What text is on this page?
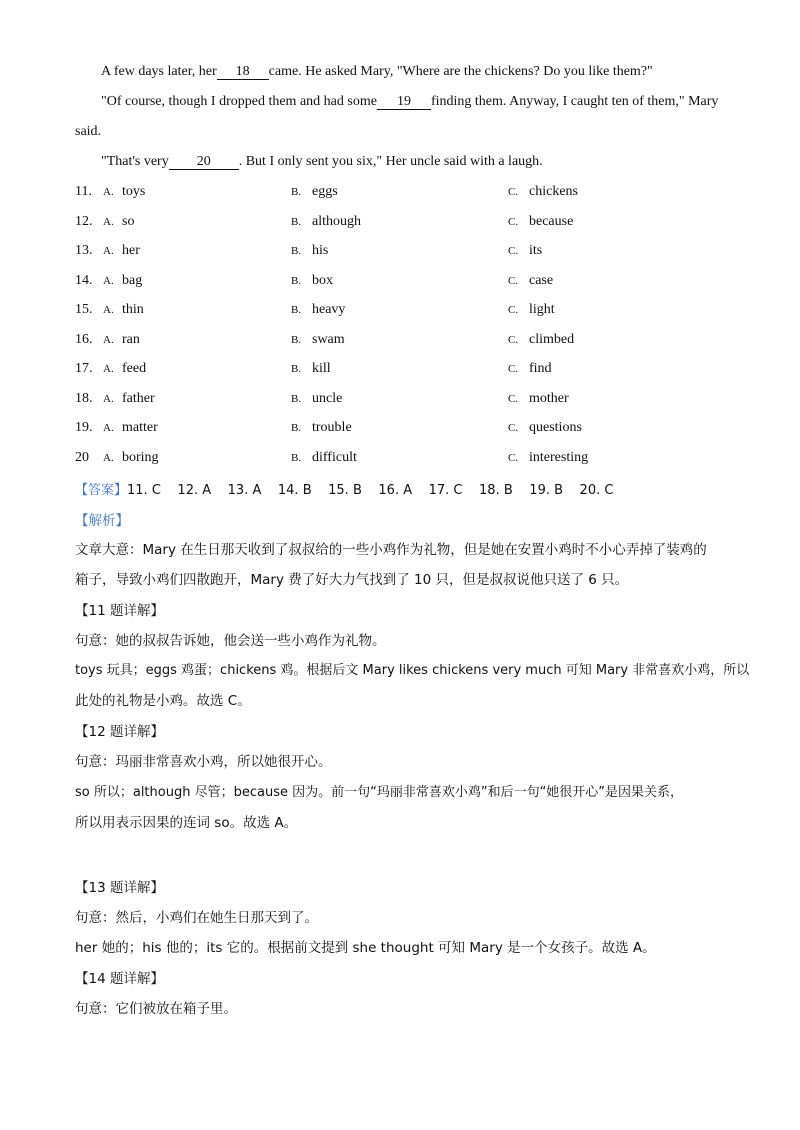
A few days later, her 18 came. He asked Mary, "Where are the chickens? Do you like them?"
"Of course, though I dropped them and had some 19 finding them. Anyway, I caught ten of them," Mary
said.
"That's very 20 . But I only sent you six," Her uncle said with a laugh.
11. A. toys	B. eggs	C. chickens
12. A. so	B. although	C. because
13. A. her	B. his	C. its
14. A. bag	B. box	C. case
15. A. thin	B. heavy	C. light
16. A. ran	B. swam	C. climbed
17. A. feed	B. kill	C. find
18. A. father	B. uncle	C. mother
19. A. matter	B. trouble	C. questions
20 A. boring	B. difficult	C. interesting
【答案】11. C    12. A    13. A    14. B    15. B    16. A    17. C    18. B    19. B    20. C
【解析】
文章大意：Mary 在生日那天收到了叔叔给的一些小鸡作为礼物，但是她在安置小鸡时不小心弄掉了装鸡的
箱子，导致小鸡们四散跑开，Mary 费了好大力气找到了 10 只，但是叔叔说他只送了 6 只。
【11 题详解】
句意：她的叔叔告诉她，他会送一些小鸡作为礼物。
toys 玩具；eggs 鸡蛋；chickens 鸡。根据后文 Mary likes chickens very much 可知 Mary 非常喜欢小鸡，所以
此处的礼物是小鸡。故选 C。
【12 题详解】
句意：玛丽非常喜欢小鸡，所以她很开心。
so 所以；although 尽管；because 因为。前一句“玛丽非常喜欢小鸡”和后一句“她很开心”是因果关系，
所以用表示因果的连词 so。故选 A。
【13 题详解】
句意：然后，小鸡们在她生日那天到了。
her 她的；his 他的；its 它的。根据前文提到 she thought 可知 Mary 是一个女孩子。故选 A。
【14 题详解】
句意：它们被放在箱子里。
